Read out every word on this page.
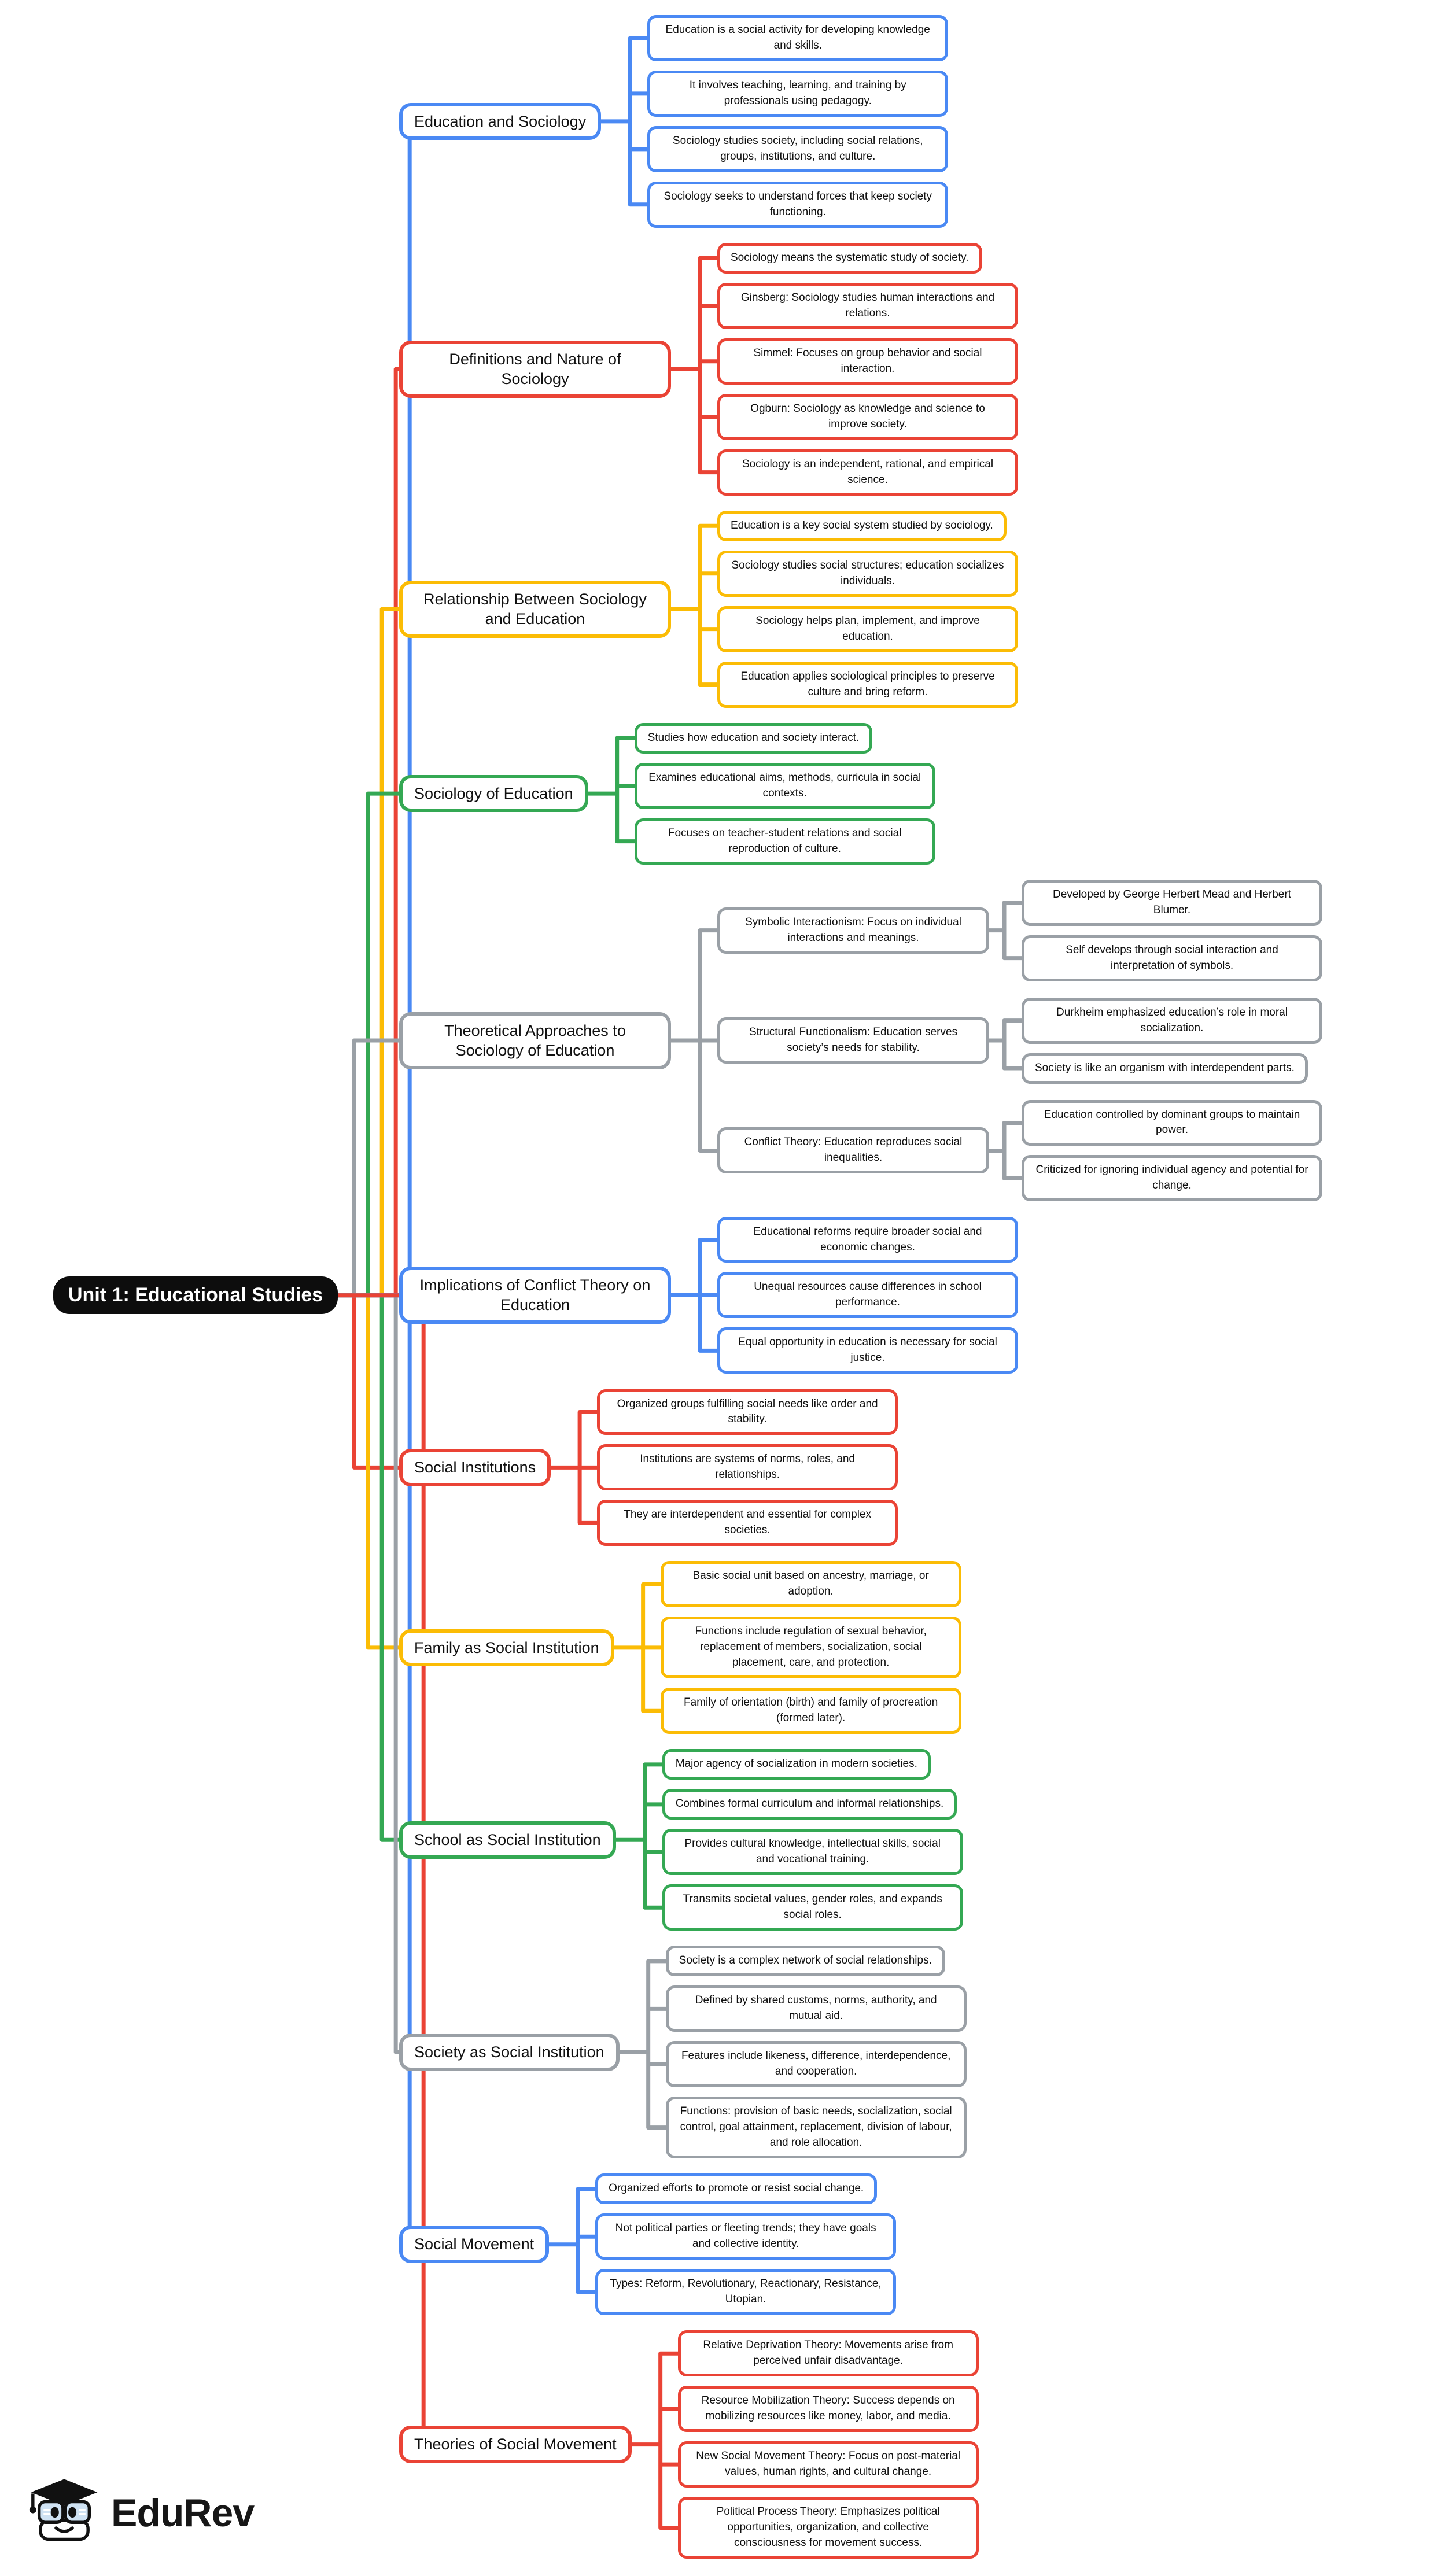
Unit 1: Educational Studies
Education and Sociology
Education is a social activity for developing knowledge and skills.
It involves teaching, learning, and training by professionals using pedagogy.
Sociology studies society, including social relations, groups, institutions, and culture.
Sociology seeks to understand forces that keep society functioning.
Definitions and Nature of Sociology
Sociology means the systematic study of society.
Ginsberg: Sociology studies human interactions and relations.
Simmel: Focuses on group behavior and social interaction.
Ogburn: Sociology as knowledge and science to improve society.
Sociology is an independent, rational, and empirical science.
Relationship Between Sociology and Education
Education is a key social system studied by sociology.
Sociology studies social structures; education socializes individuals.
Sociology helps plan, implement, and improve education.
Education applies sociological principles to preserve culture and bring reform.
Sociology of Education
Studies how education and society interact.
Examines educational aims, methods, curricula in social contexts.
Focuses on teacher-student relations and social reproduction of culture.
Theoretical Approaches to Sociology of Education
Symbolic Interactionism: Focus on individual interactions and meanings.
Developed by George Herbert Mead and Herbert Blumer.
Self develops through social interaction and interpretation of symbols.
Structural Functionalism: Education serves society’s needs for stability.
Durkheim emphasized education’s role in moral socialization.
Society is like an organism with interdependent parts.
Conflict Theory: Education reproduces social inequalities.
Education controlled by dominant groups to maintain power.
Criticized for ignoring individual agency and potential for change.
Implications of Conflict Theory on Education
Educational reforms require broader social and economic changes.
Unequal resources cause differences in school performance.
Equal opportunity in education is necessary for social justice.
Social Institutions
Organized groups fulfilling social needs like order and stability.
Institutions are systems of norms, roles, and relationships.
They are interdependent and essential for complex societies.
Family as Social Institution
Basic social unit based on ancestry, marriage, or adoption.
Functions include regulation of sexual behavior, replacement of members, socialization, social placement, care, and protection.
Family of orientation (birth) and family of procreation (formed later).
School as Social Institution
Major agency of socialization in modern societies.
Combines formal curriculum and informal relationships.
Provides cultural knowledge, intellectual skills, social and vocational training.
Transmits societal values, gender roles, and expands social roles.
Society as Social Institution
Society is a complex network of social relationships.
Defined by shared customs, norms, authority, and mutual aid.
Features include likeness, difference, interdependence, and cooperation.
Functions: provision of basic needs, socialization, social control, goal attainment, replacement, division of labour, and role allocation.
Social Movement
Organized efforts to promote or resist social change.
Not political parties or fleeting trends; they have goals and collective identity.
Types: Reform, Revolutionary, Reactionary, Resistance, Utopian.
Theories of Social Movement
Relative Deprivation Theory: Movements arise from perceived unfair disadvantage.
Resource Mobilization Theory: Success depends on mobilizing resources like money, labor, and media.
New Social Movement Theory: Focus on post-material values, human rights, and cultural change.
Political Process Theory: Emphasizes political opportunities, organization, and collective consciousness for movement success.
EduRev
